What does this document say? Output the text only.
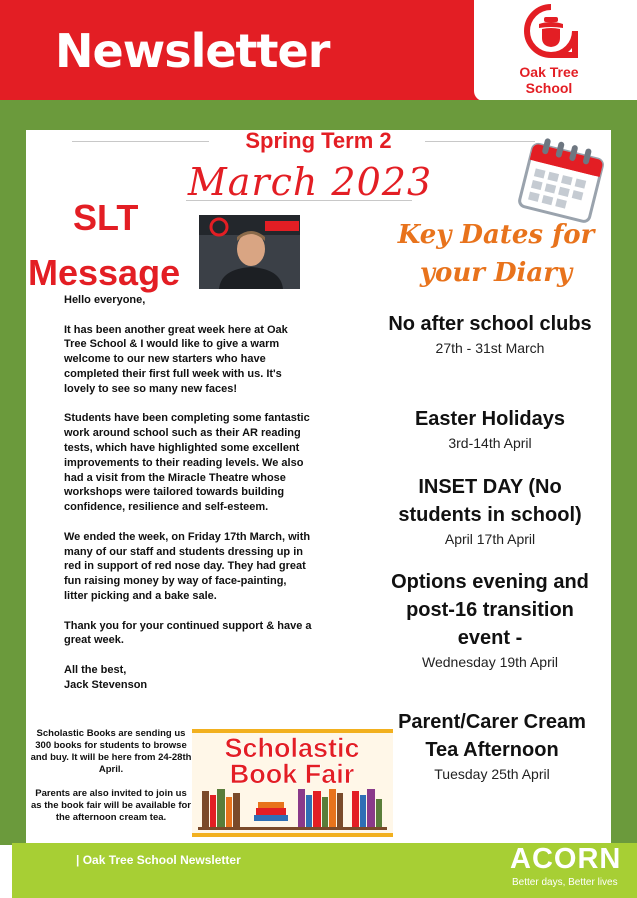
Newsletter	Oak Tree
School
Spring Term 2
March 2023
SLT
Message

Hello everyone,

It has been another great week here at Oak Tree School & I would like to give a warm welcome to our new starters who have completed their first full week with us. It's lovely to see so many new faces!

Students have been completing some fantastic work around school such as their AR reading tests, which have highlighted some excellent improvements to their reading levels. We also had a visit from the Miracle Theatre whose workshops were tailored towards building confidence, resilience and self-esteem.

We ended the week, on Friday 17th March, with many of our staff and students dressing up in red in support of red nose day. They had great fun raising money by way of face-painting, litter picking and a bake sale.

Thank you for your continued support & have a great week.

All the best,

Jack Stevenson

Key Dates for
your Diary
No after school clubs
27th - 31st March
Easter Holidays
3rd-14th April
INSET DAY (No students in school)
April 17th April
Options evening and post-16 transition event -
Wednesday 19th April
Parent/Carer Cream Tea Afternoon
Tuesday 25th April

Scholastic Books are sending us 300 books for students to browse and buy. It will be here from 24-28th April.

Parents are also invited to join us as the book fair will be available for the afternoon cream tea.

Scholastic
Book Fair
| Oak Tree School Newsletter	ACORN
Better days, Better lives
